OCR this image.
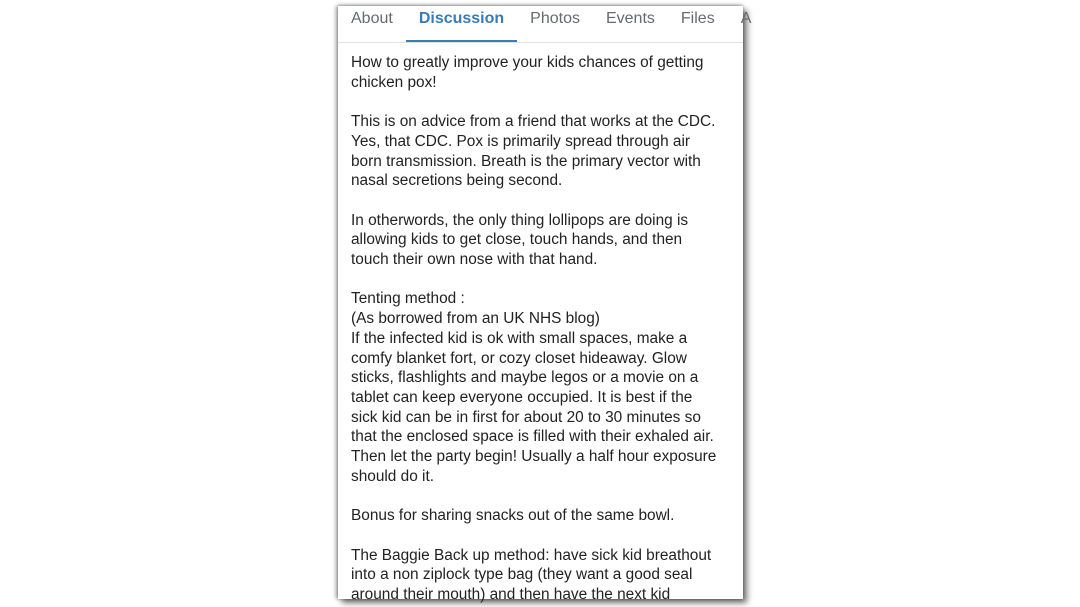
About Discussion Photos Events Files A
How to greatly improve your kids chances of getting
chicken pox!
This is on advice from a friend that works at the CDC.
Yes, that CDC. Pox is primarily spread through air
born transmission. Breath is the primary vector with
nasal secretions being second.
In otherwords, the only thing lollipops are doing is
allowing kids to get close, touch hands, and then
touch their own nose with that hand.
Tenting method :
(As borrowed from an UK NHS blog)
If the infected kid is ok with small spaces, make a
comfy blanket fort, or cozy closet hideaway. Glow
sticks, flashlights and maybe legos or a movie on a
tablet can keep everyone occupied. It is best if the
sick kid can be in first for about 20 to 30 minutes so
that the enclosed space is filled with their exhaled air.
Then let the party begin! Usually a half hour exposure
should do it.
Bonus for sharing snacks out of the same bowl.
The Baggie Back up method: have sick kid breathout
into a non ziplock type bag (they want a good seal
around their mouth) and then have the next kid
